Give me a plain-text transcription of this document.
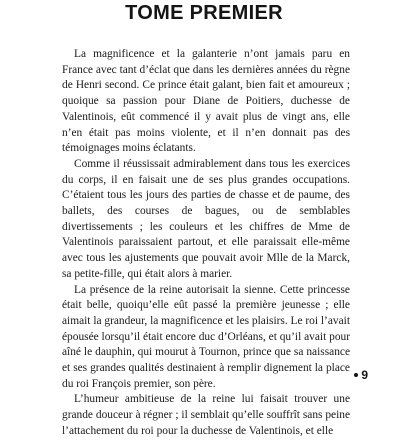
TOME PREMIER

La magnificence et la galanterie n’ont jamais paru en France avec tant d’éclat que dans les dernières années du règne de Henri second. Ce prince était galant, bien fait et amoureux ; quoique sa passion pour Diane de Poitiers, duchesse de Valentinois, eût commencé il y avait plus de vingt ans, elle n’en était pas moins violente, et il n’en donnait pas des témoignages moins éclatants.

Comme il réussissait admirablement dans tous les exercices du corps, il en faisait une de ses plus grandes occupations. C’étaient tous les jours des parties de chasse et de paume, des ballets, des courses de bagues, ou de semblables divertissements ; les couleurs et les chiffres de Mme de Valentinois paraissaient partout, et elle paraissait elle-même avec tous les ajustements que pouvait avoir Mlle de la Marck, sa petite-fille, qui était alors à marier.

La présence de la reine autorisait la sienne. Cette princesse était belle, quoiqu’elle eût passé la première jeunesse ; elle aimait la grandeur, la magnificence et les plaisirs. Le roi l’avait épousée lorsqu’il était encore duc d’Orléans, et qu’il avait pour aîné le dauphin, qui mourut à Tournon, prince que sa naissance et ses grandes qualités destinaient à remplir dignement la place du roi François premier, son père.

L’humeur ambitieuse de la reine lui faisait trouver une grande douceur à régner ; il semblait qu’elle souffrît sans peine l’attachement du roi pour la duchesse de Valentinois, et elle

9
